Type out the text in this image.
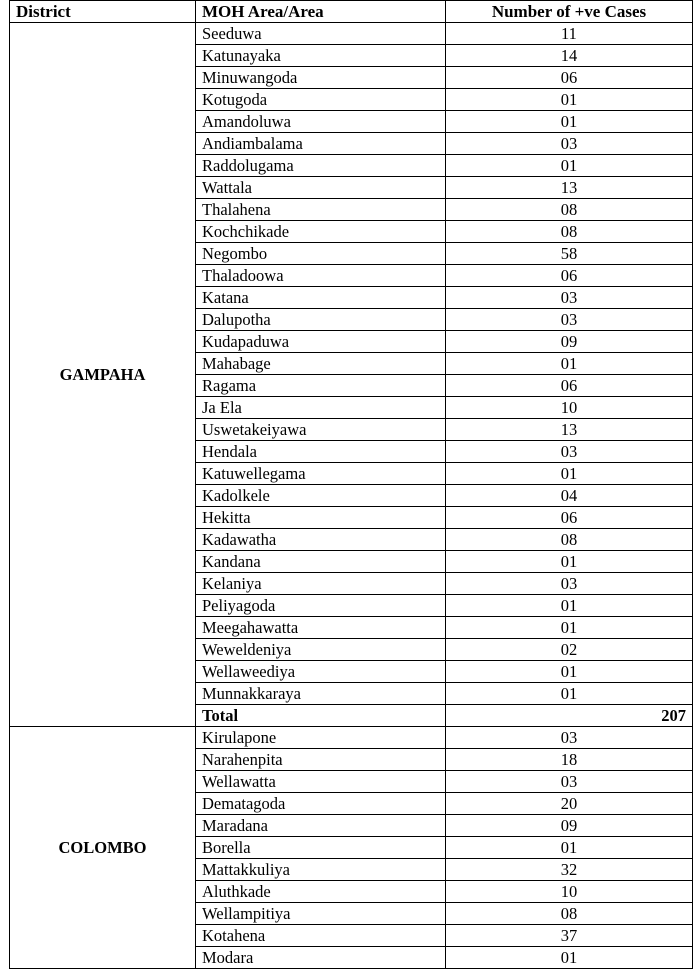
District	MOH Area/Area	Number of +ve Cases
GAMPAHA	Seeduwa	11
	Katunayaka	14
	Minuwangoda	06
	Kotugoda	01
	Amandoluwa	01
	Andiambalama	03
	Raddolugama	01
	Wattala	13
	Thalahena	08
	Kochchikade	08
	Negombo	58
	Thaladoowa	06
	Katana	03
	Dalupotha	03
	Kudapaduwa	09
	Mahabage	01
	Ragama	06
	Ja Ela	10
	Uswetakeiyawa	13
	Hendala	03
	Katuwellegama	01
	Kadolkele	04
	Hekitta	06
	Kadawatha	08
	Kandana	01
	Kelaniya	03
	Peliyagoda	01
	Meegahawatta	01
	Weweldeniya	02
	Wellaweediya	01
	Munnakkaraya	01
	Total	207
COLOMBO	Kirulapone	03
	Narahenpita	18
	Wellawatta	03
	Dematagoda	20
	Maradana	09
	Borella	01
	Mattakkuliya	32
	Aluthkade	10
	Wellampitiya	08
	Kotahena	37
	Modara	01
